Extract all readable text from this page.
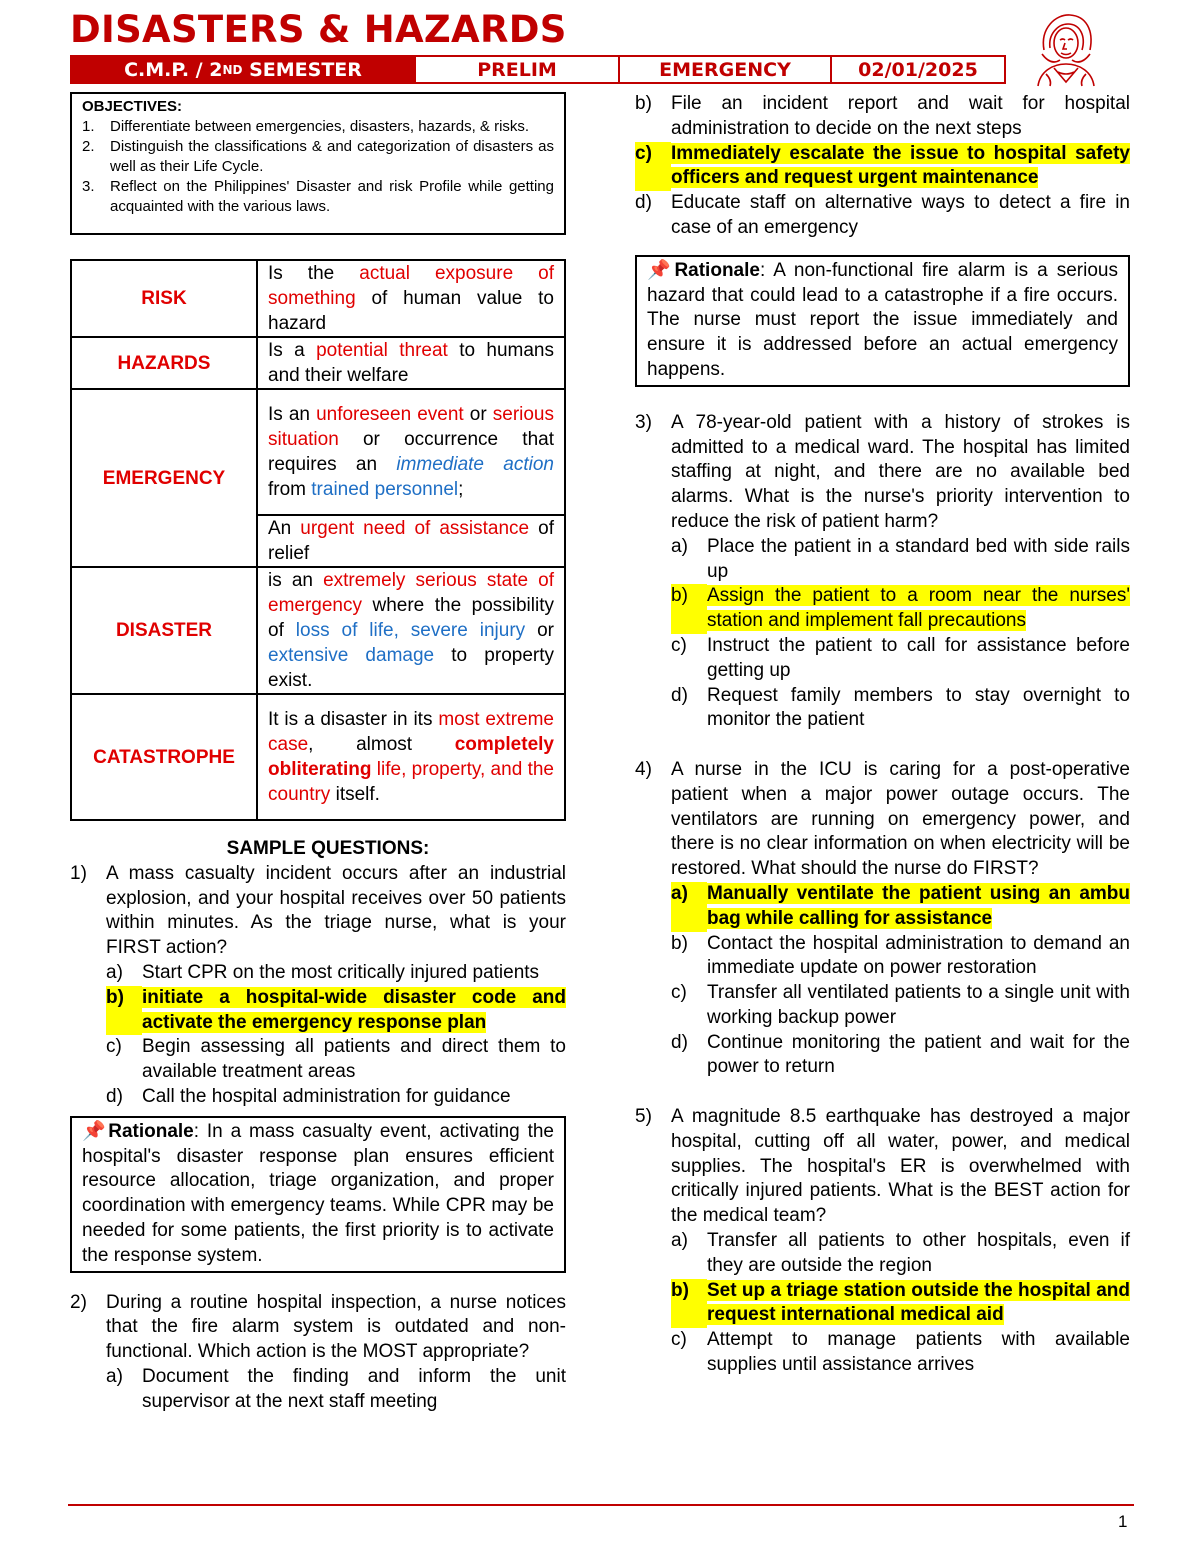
DISASTERS & HAZARDS
C.M.P. / 2 ND SEMESTER	PRELIM	EMERGENCY	02/01/2025
OBJECTIVES:
1.	Differentiate between emergencies, disasters, hazards, & risks.
2.	Distinguish the classifications & and categorization of disasters as well as their Life Cycle.
3.	Reflect on the Philippines' Disaster and risk Profile while getting acquainted with the various laws.
RISK	Is the actual exposure of something of human value to hazard
HAZARDS	Is a potential threat to humans and their welfare
EMERGENCY	Is an unforeseen event or serious situation or occurrence that requires an immediate action from trained personnel;
	An urgent need of assistance of relief
DISASTER	is an extremely serious state of emergency where the possibility of loss of life, severe injury or extensive damage to property exist.
CATASTROPHE	It is a disaster in its most extreme case, almost completely obliterating life, property, and the country itself.
SAMPLE QUESTIONS:
1)	A mass casualty incident occurs after an industrial explosion, and your hospital receives over 50 patients within minutes. As the triage nurse, what is your FIRST action?
a)	Start CPR on the most critically injured patients
b) initiate a hospital-wide disaster code and activate the emergency response plan
c)	Begin assessing all patients and direct them to available treatment areas
d)	Call the hospital administration for guidance
📌Rationale: In a mass casualty event, activating the hospital's disaster response plan ensures efficient resource allocation, triage organization, and proper coordination with emergency teams. While CPR may be needed for some patients, the first priority is to activate the response system.
2)	During a routine hospital inspection, a nurse notices that the fire alarm system is outdated and non-functional. Which action is the MOST appropriate?
a)	Document the finding and inform the unit supervisor at the next staff meeting
b)	File an incident report and wait for hospital administration to decide on the next steps
c)	Immediately escalate the issue to hospital safety officers and request urgent maintenance
d)	Educate staff on alternative ways to detect a fire in case of an emergency
📌Rationale: A non-functional fire alarm is a serious hazard that could lead to a catastrophe if a fire occurs. The nurse must report the issue immediately and ensure it is addressed before an actual emergency happens.
3)	A 78-year-old patient with a history of strokes is admitted to a medical ward. The hospital has limited staffing at night, and there are no available bed alarms. What is the nurse's priority intervention to reduce the risk of patient harm?
a)	Place the patient in a standard bed with side rails up
b)	Assign the patient to a room near the nurses' station and implement fall precautions
c)	Instruct the patient to call for assistance before getting up
d)	Request family members to stay overnight to monitor the patient
4)	A nurse in the ICU is caring for a post-operative patient when a major power outage occurs. The ventilators are running on emergency power, and there is no clear information on when electricity will be restored. What should the nurse do FIRST?
a)	Manually ventilate the patient using an ambu bag while calling for assistance
b)	Contact the hospital administration to demand an immediate update on power restoration
c)	Transfer all ventilated patients to a single unit with working backup power
d)	Continue monitoring the patient and wait for the power to return
5)	A magnitude 8.5 earthquake has destroyed a major hospital, cutting off all water, power, and medical supplies. The hospital's ER is overwhelmed with critically injured patients. What is the BEST action for the medical team?
a)	Transfer all patients to other hospitals, even if they are outside the region
b) Set up a triage station outside the hospital and request international medical aid
c)	Attempt to manage patients with available supplies until assistance arrives
1
